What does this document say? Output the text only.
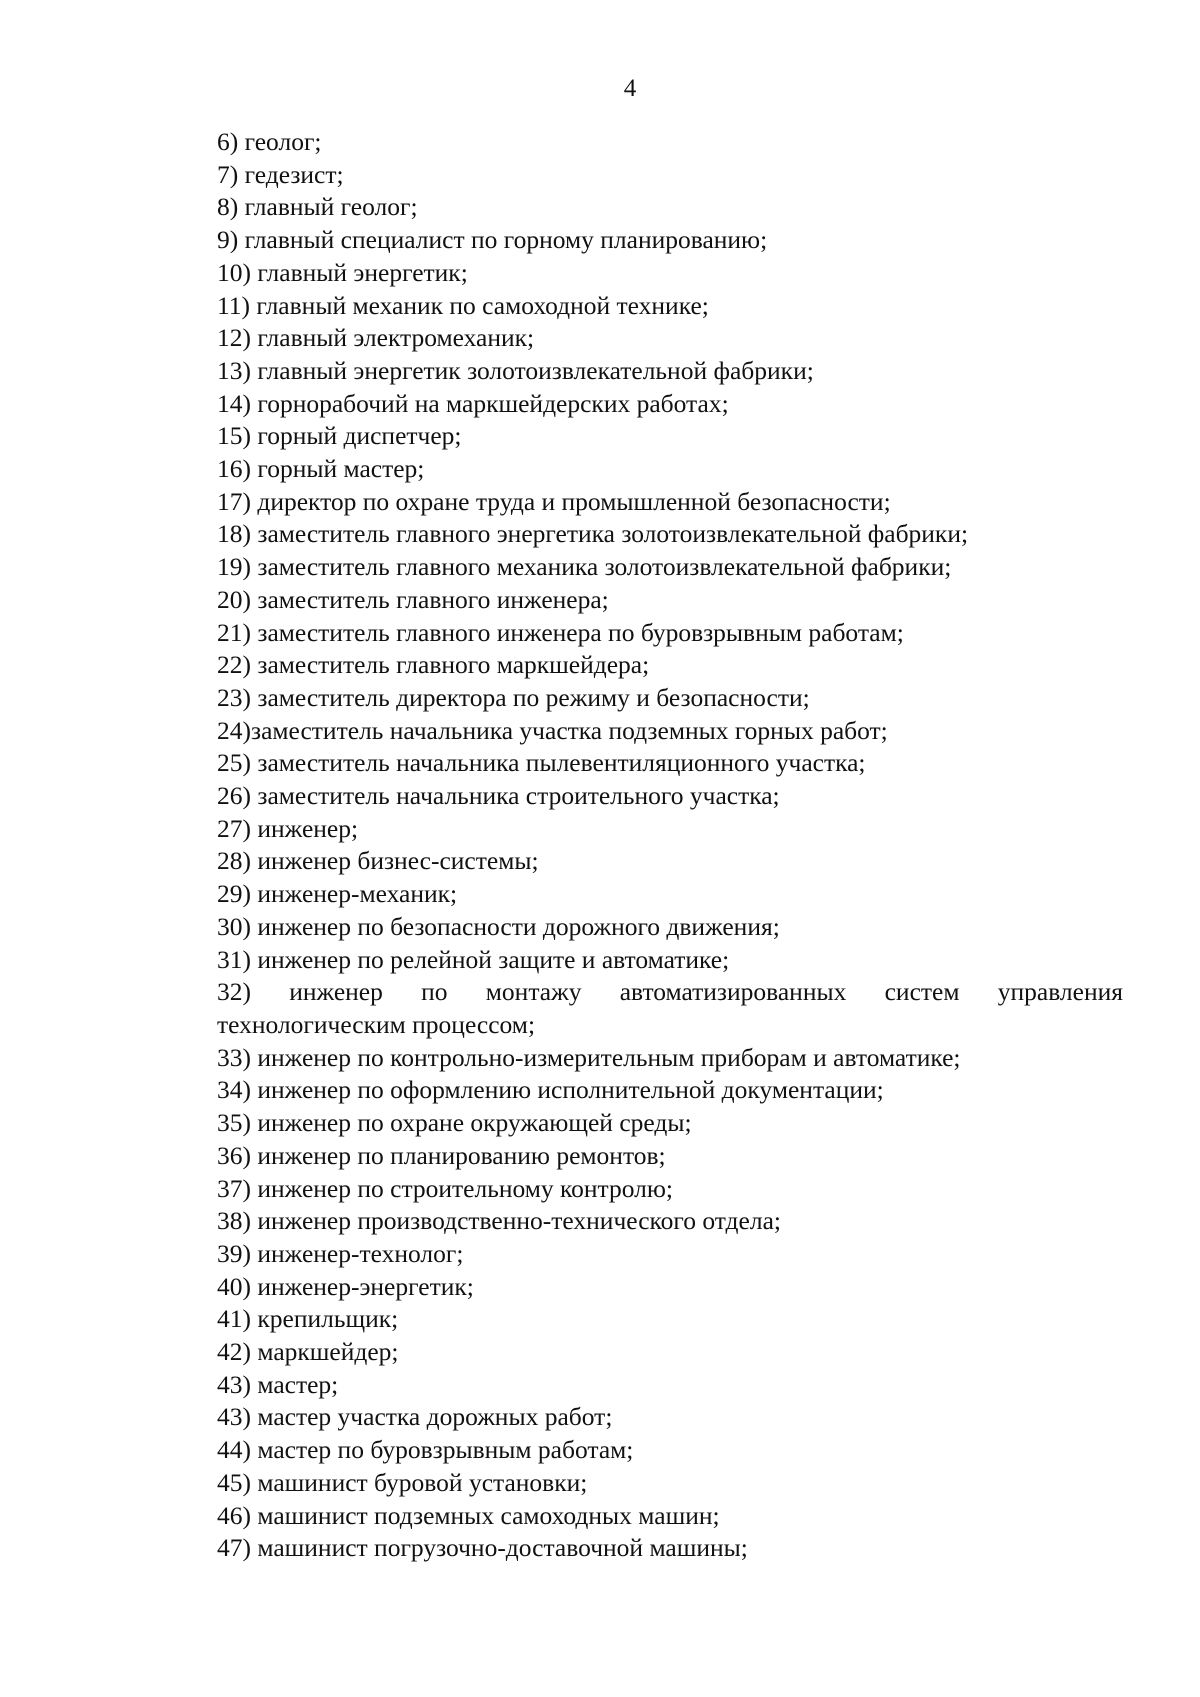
4
6) геолог;
7) гедезист;
8) главный геолог;
9) главный специалист по горному планированию;
10) главный энергетик;
11) главный механик по самоходной технике;
12) главный электромеханик;
13) главный энергетик золотоизвлекательной фабрики;
14) горнорабочий на маркшейдерских работах;
15) горный диспетчер;
16) горный мастер;
17) директор по охране труда и промышленной безопасности;
18) заместитель главного энергетика золотоизвлекательной фабрики;
19) заместитель главного механика золотоизвлекательной фабрики;
20) заместитель главного инженера;
21) заместитель главного инженера по буровзрывным работам;
22) заместитель главного маркшейдера;
23) заместитель директора по режиму и безопасности;
24)заместитель начальника участка подземных горных работ;
25) заместитель начальника пылевентиляционного участка;
26) заместитель начальника строительного участка;
27) инженер;
28) инженер бизнес-системы;
29) инженер-механик;
30) инженер по безопасности дорожного движения;
31) инженер по релейной защите и автоматике;
32) инженер по монтажу автоматизированных систем управления технологическим процессом;
33) инженер по контрольно-измерительным приборам и автоматике;
34) инженер по оформлению исполнительной документации;
35) инженер по охране окружающей среды;
36) инженер по планированию ремонтов;
37) инженер по строительному контролю;
38) инженер производственно-технического отдела;
39) инженер-технолог;
40) инженер-энергетик;
41) крепильщик;
42) маркшейдер;
43) мастер;
43) мастер участка дорожных работ;
44) мастер по буровзрывным работам;
45) машинист буровой установки;
46) машинист подземных самоходных машин;
47) машинист погрузочно-доставочной машины;
